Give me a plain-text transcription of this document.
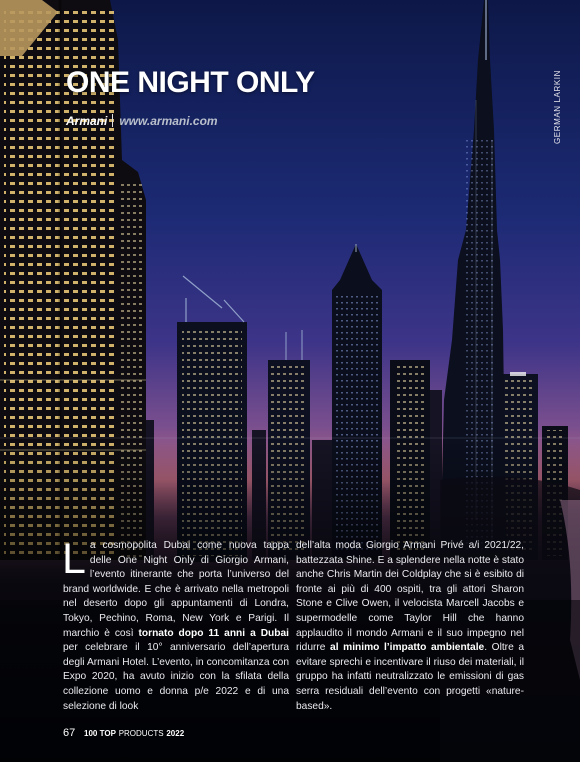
ONE NIGHT ONLY
Armani www.armani.com	GERMAN LARKIN

La cosmopolita Dubai come nuova tappa delle One Night Only di Giorgio Armani, l’evento itinerante che porta l’universo del brand worldwide. E che è arrivato nella metropoli nel deserto dopo gli appuntamenti di Londra, Tokyo, Pechino, Roma, New York e Parigi. Il marchio è così tornato dopo 11 anni a Dubai per celebrare il 10° anniversario dell’apertura degli Armani Hotel. L’evento, in concomitanza con Expo 2020, ha avuto inizio con la sfilata della collezione uomo e donna p/e 2022 e di una selezione di look

dell’alta moda Giorgio Armani Privé a/i 2021/22, battezzata Shine. E a splendere nella notte è stato anche Chris Martin dei Coldplay che si è esibito di fronte ai più di 400 ospiti, tra gli attori Sharon Stone e Clive Owen, il velocista Marcell Jacobs e supermodelle come Taylor Hill che hanno applaudito il mondo Armani e il suo impegno nel ridurre al minimo l’impatto ambientale. Oltre a evitare sprechi e incentivare il riuso dei materiali, il gruppo ha infatti neutralizzato le emissioni di gas serra residuali dell’evento con progetti «nature-based».

67 100 TOP PRODUCTS 2022
